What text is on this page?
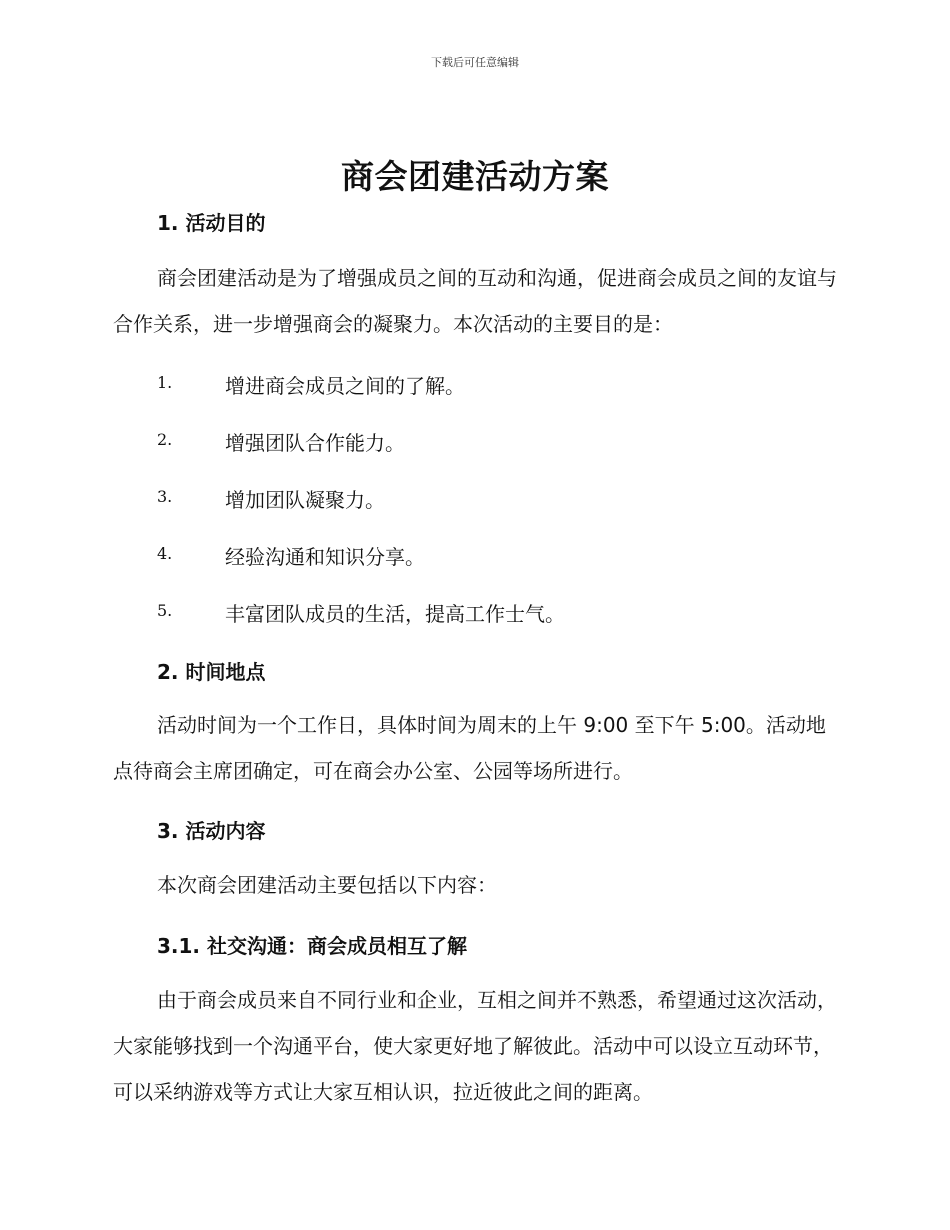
下载后可任意编辑
商会团建活动方案
1. 活动目的

商会团建活动是为了增强成员之间的互动和沟通，促进商会成员之间的友谊与合作关系，进一步增强商会的凝聚力。本次活动的主要目的是：

1.	增进商会成员之间的了解。
2.	增强团队合作能力。
3.	增加团队凝聚力。
4.	经验沟通和知识分享。
5.	丰富团队成员的生活，提高工作士气。
2. 时间地点

活动时间为一个工作日，具体时间为周末的上午 9:00 至下午 5:00。活动地点待商会主席团确定，可在商会办公室、公园等场所进行。

3. 活动内容

本次商会团建活动主要包括以下内容：

3.1. 社交沟通：商会成员相互了解

由于商会成员来自不同行业和企业，互相之间并不熟悉，希望通过这次活动，大家能够找到一个沟通平台，使大家更好地了解彼此。活动中可以设立互动环节，可以采纳游戏等方式让大家互相认识，拉近彼此之间的距离。
